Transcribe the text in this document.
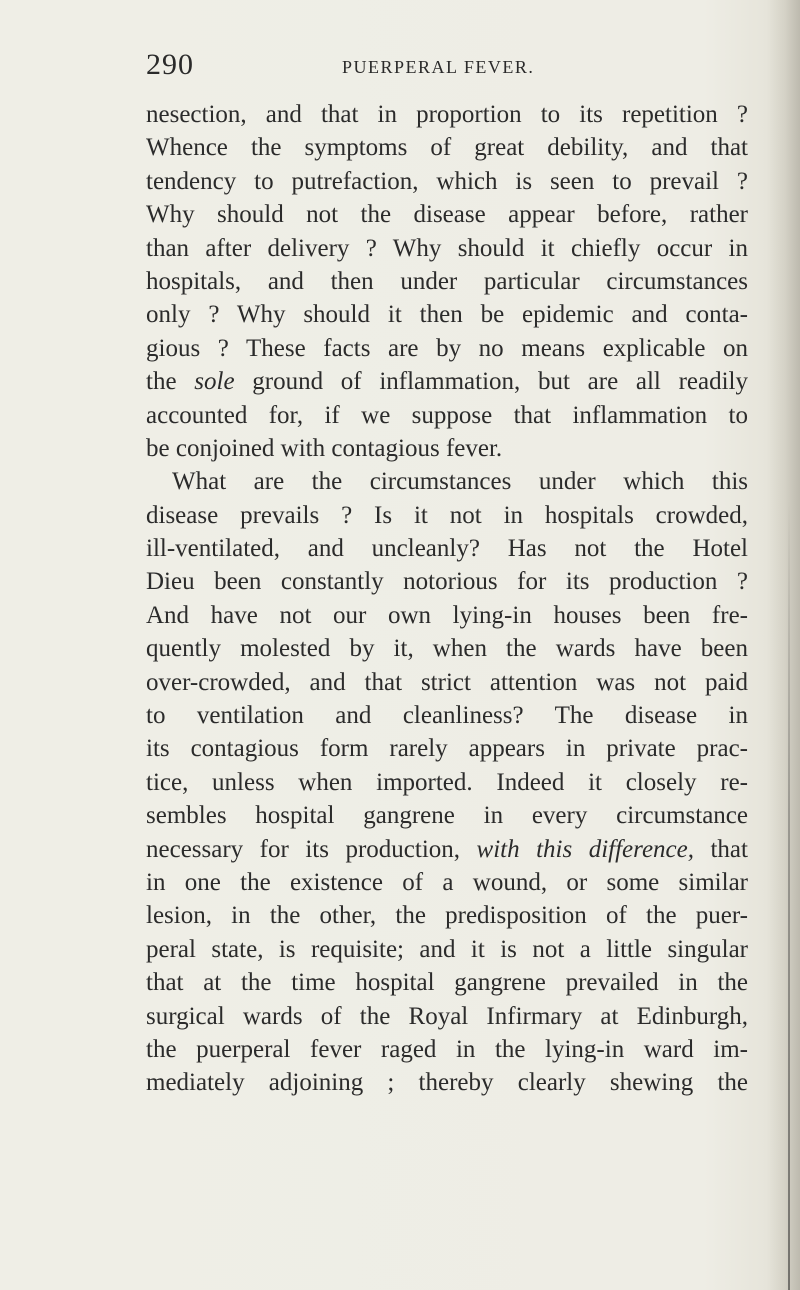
290	PUERPERAL FEVER.
nesection, and that in proportion to its repetition ?
Whence the symptoms of great debility, and that
tendency to putrefaction, which is seen to prevail ?
Why should not the disease appear before, rather
than after delivery ? Why should it chiefly occur in
hospitals, and then under particular circumstances
only ? Why should it then be epidemic and conta-
gious ? These facts are by no means explicable on
the sole ground of inflammation, but are all readily
accounted for, if we suppose that inflammation to
be conjoined with contagious fever.
What are the circumstances under which this
disease prevails ? Is it not in hospitals crowded,
ill-ventilated, and uncleanly? Has not the Hotel
Dieu been constantly notorious for its production ?
And have not our own lying-in houses been fre-
quently molested by it, when the wards have been
over-crowded, and that strict attention was not paid
to ventilation and cleanliness? The disease in
its contagious form rarely appears in private prac-
tice, unless when imported. Indeed it closely re-
sembles hospital gangrene in every circumstance
necessary for its production, with this difference, that
in one the existence of a wound, or some similar
lesion, in the other, the predisposition of the puer-
peral state, is requisite; and it is not a little singular
that at the time hospital gangrene prevailed in the
surgical wards of the Royal Infirmary at Edinburgh,
the puerperal fever raged in the lying-in ward im-
mediately adjoining ; thereby clearly shewing the
